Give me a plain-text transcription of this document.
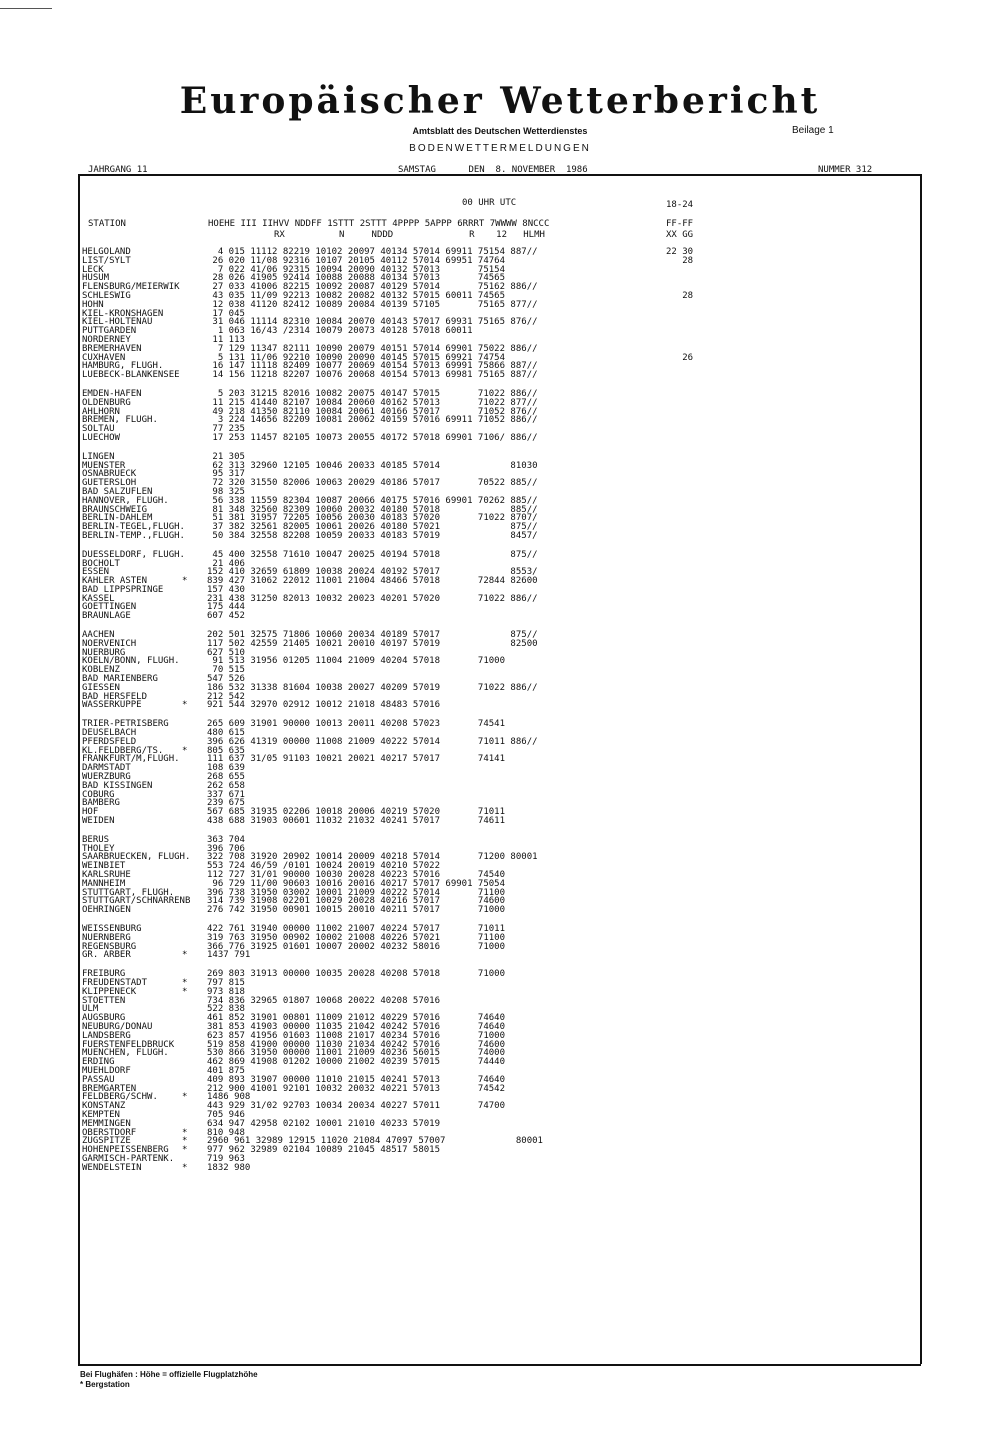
Europäischer Wetterbericht
Amtsblatt des Deutschen Wetterdienstes	Beilage 1
BODENWETTERMELDUNGEN
JAHRGANG 11	SAMSTAG      DEN  8. NOVEMBER  1986	NUMMER 312
00 UHR UTC	18-24
STATION	HOEHE III IIHVV NDDFF 1STTT 2STTT 4PPPP 5APPP 6RRRT 7WWWW 8NCCC
RX          N     NDDD              R    12   HLMH
FF-FF
XX GG
HELGOLAND	4 015 11112 82219 10102 20097 40134 57014 69911 75154 887//	22 30
LIST/SYLT	26 020 11/08 92316 10107 20105 40112 57014 69951 74764	28
LECK	7 022 41/06 92315 10094 20090 40132 57013       75154
HUSUM	28 026 41905 92414 10088 20088 40134 57013       74565
FLENSBURG/MEIERWIK	27 033 41006 82215 10092 20087 40129 57014       75162 886//
SCHLESWIG	43 035 11/09 92213 10082 20082 40132 57015 60011 74565	28
HOHN	12 038 41120 82412 10089 20084 40139 57105       75165 877//
KIEL-KRONSHAGEN	17 045
KIEL-HOLTENAU	31 046 11114 82310 10084 20070 40143 57017 69931 75165 876//
PUTTGARDEN	1 063 16/43 /2314 10079 20073 40128 57018 60011
NORDERNEY	11 113
BREMERHAVEN	7 129 11347 82111 10090 20079 40151 57014 69901 75022 886//
CUXHAVEN	5 131 11/06 92210 10090 20090 40145 57015 69921 74754	26
HAMBURG, FLUGH.	16 147 11118 82409 10077 20069 40154 57013 69991 75866 887//
LUEBECK-BLANKENSEE	14 156 11218 82207 10076 20068 40154 57013 69981 75165 887//
EMDEN-HAFEN	5 203 31215 82016 10082 20075 40147 57015       71022 886//
OLDENBURG	11 215 41440 82107 10084 20060 40162 57013       71022 877//
AHLHORN	49 218 41350 82110 10084 20061 40166 57017       71052 876//
BREMEN, FLUGH.	3 224 14656 82209 10081 20062 40159 57016 69911 71052 886//
SOLTAU	77 235
LUECHOW	17 253 11457 82105 10073 20055 40172 57018 69901 7106/ 886//
LINGEN	21 305
MUENSTER	62 313 32960 12105 10046 20033 40185 57014             81030
OSNABRUECK	95 317
GUETERSLOH	72 320 31550 82006 10063 20029 40186 57017       70522 885//
BAD SALZUFLEN	98 325
HANNOVER, FLUGH.	56 338 11559 82304 10087 20066 40175 57016 69901 70262 885//
BRAUNSCHWEIG	81 348 32560 82309 10060 20032 40180 57018             885//
BERLIN-DAHLEM	51 381 31957 72205 10056 20030 40183 57020       71022 8707/
BERLIN-TEGEL,FLUGH. 37 382 32561 82005 10061 20026 40180 57021             875//
BERLIN-TEMP.,FLUGH. 50 384 32558 82208 10059 20033 40183 57019             8457/
DUESSELDORF, FLUGH. 45 400 32558 71610 10047 20025 40194 57018             875//
BOCHOLT	21 406
ESSEN	152 410 32659 61809 10038 20024 40192 57017             8553/
KAHLER ASTEN	* 839 427 31062 22012 11001 21004 48466 57018       72844 82600
BAD LIPPSPRINGE	157 430
KASSEL	231 438 31250 82013 10032 20023 40201 57020       71022 886//
GOETTINGEN	175 444
BRAUNLAGE	607 452
AACHEN	202 501 32575 71806 10060 20034 40189 57017             875//
NOERVENICH	117 502 42559 21405 10021 20010 40197 57019             82500
NUERBURG	627 510
KOELN/BONN, FLUGH.	91 513 31956 01205 11004 21009 40204 57018       71000
KOBLENZ	70 515
BAD MARIENBERG	547 526
GIESSEN	186 532 31338 81604 10038 20027 40209 57019       71022 886//
BAD HERSFELD	212 542
WASSERKUPPE	* 921 544 32970 02912 10012 21018 48483 57016
TRIER-PETRISBERG	265 609 31901 90000 10013 20011 40208 57023       74541
DEUSELBACH	480 615
PFERDSFELD	396 626 41319 00000 11008 21009 40222 57014       71011 886//
KL.FELDBERG/TS. * 805 635
FRANKFURT/M,FLUGH.	111 637 31/05 91103 10021 20021 40217 57017       74141
DARMSTADT	108 639
WUERZBURG	268 655
BAD KISSINGEN	262 658
COBURG	337 671
BAMBERG	239 675
HOF	567 685 31935 02206 10018 20006 40219 57020       71011
WEIDEN	438 688 31903 00601 11032 21032 40241 57017       74611
BERUS	363 704
THOLEY	396 706
SAARBRUECKEN, FLUGH. 322 708 31920 20902 10014 20009 40218 57014       71200 80001
WEINBIET	553 724 46/59 /0101 10024 20019 40210 57022
KARLSRUHE	112 727 31/01 90000 10030 20028 40223 57016       74540
MANNHEIM	96 729 11/00 90603 10016 20016 40217 57017 69901 75054
STUTTGART, FLUGH.	396 738 31950 03002 10001 21009 40222 57014       71100
STUTTGART/SCHNARRENB 314 739 31908 02201 10029 20028 40216 57017       74600
OEHRINGEN	276 742 31950 00901 10015 20010 40211 57017       71000
WEISSENBURG	422 761 31940 00000 11002 21007 40224 57017       71011
NUERNBERG	319 763 31950 00902 10002 21008 40226 57021       71100
REGENSBURG	366 776 31925 01601 10007 20002 40232 58016       71000
GR. ARBER	* 1437 791
FREIBURG	269 803 31913 00000 10035 20028 40208 57018       71000
FREUDENSTADT	* 797 815
KLIPPENECK	* 973 818
STOETTEN	734 836 32965 01807 10068 20022 40208 57016
ULM	522 838
AUGSBURG	461 852 31901 00801 11009 21012 40229 57016       74640
NEUBURG/DONAU	381 853 41903 00000 11035 21042 40242 57016       74640
LANDSBERG	623 857 41956 01603 11008 21017 40234 57016       71000
FUERSTENFELDBRUCK	519 858 41900 00000 11030 21034 40242 57016       74600
MUENCHEN, FLUGH.	530 866 31950 00000 11001 21009 40236 56015       74000
ERDING	462 869 41908 01202 10000 21002 40239 57015       74440
MUEHLDORF	401 875
PASSAU	409 893 31907 00000 11010 21015 40241 57013       74640
BREMGARTEN	212 900 41001 92101 10032 20032 40221 57013       74542
FELDBERG/SCHW.	* 1486 908
KONSTANZ	443 929 31/02 92703 10034 20034 40227 57011       74700
KEMPTEN	705 946
MEMMINGEN	634 947 42958 02102 10001 21010 40233 57019
OBERSTDORF	* 810 948
ZUGSPITZE	* 2960 961 32989 12915 11020 21084 47097 57007             80001
HOHENPEISSENBERG * 977 962 32989 02104 10089 21045 48517 58015
GARMISCH-PARTENK.	719 963
WENDELSTEIN	* 1832 980
Bei Flughäfen : Höhe = offizielle Flugplatzhöhe
* Bergstation
